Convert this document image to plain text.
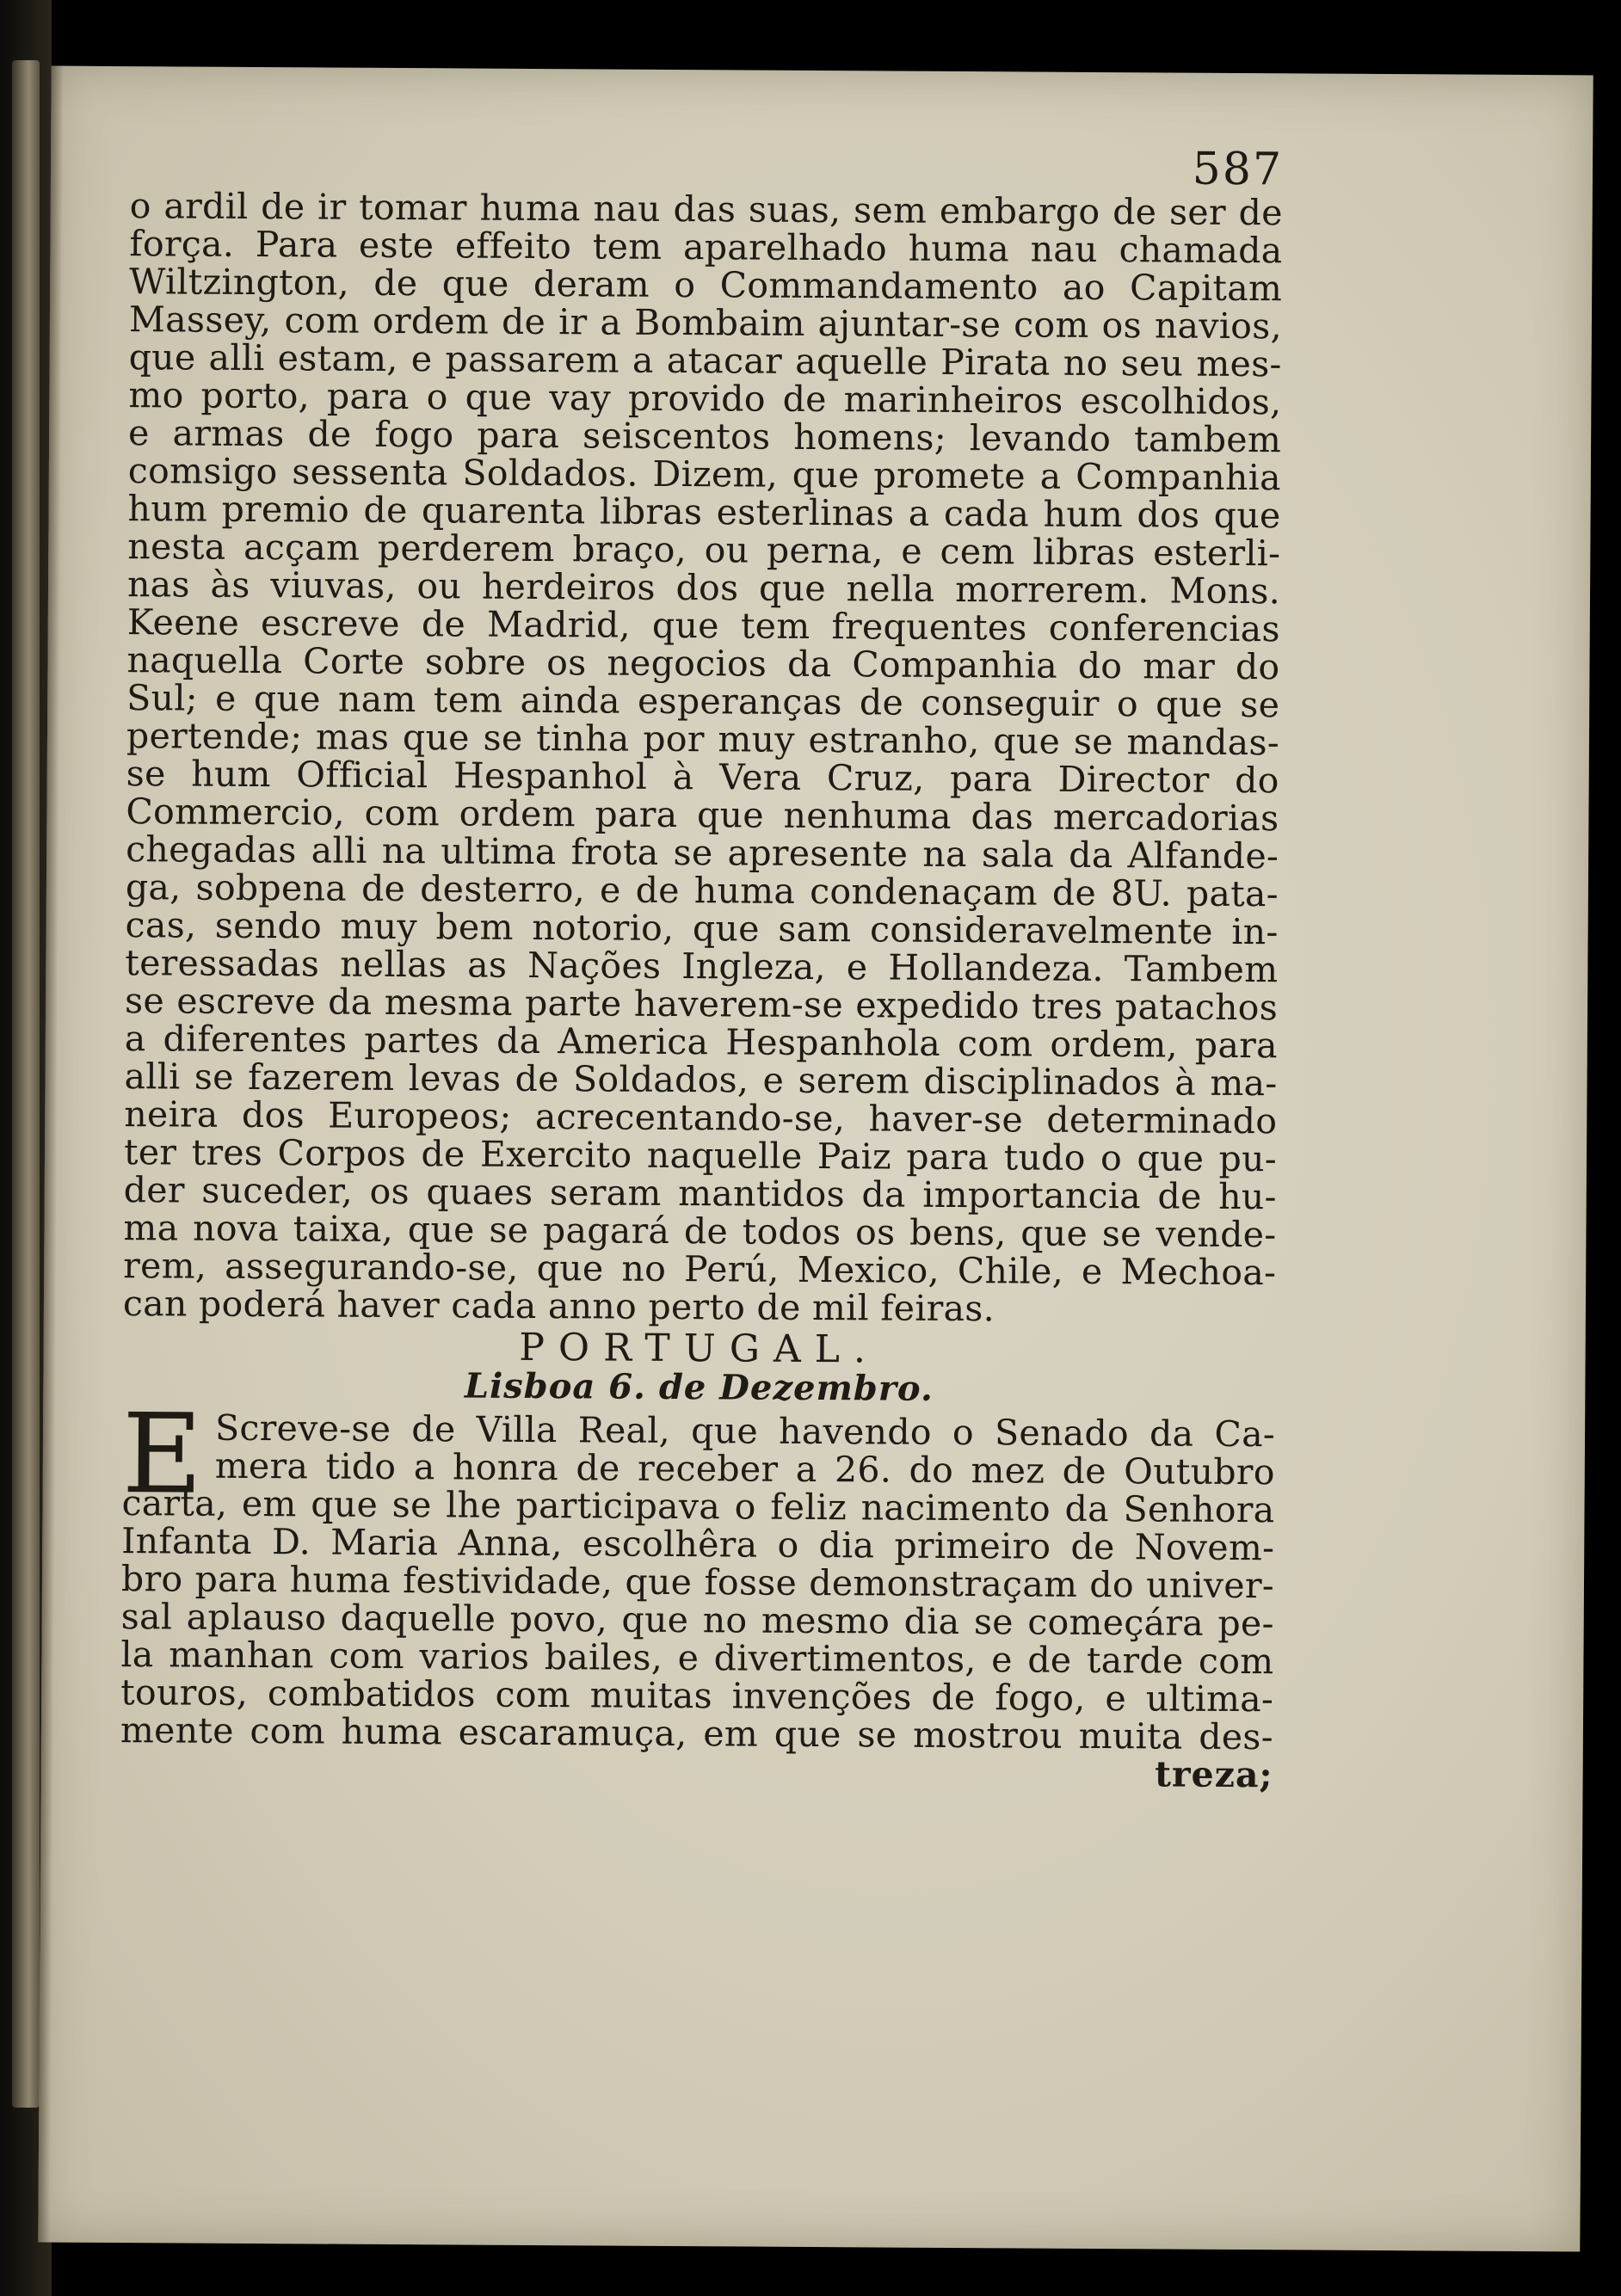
587
o ardil de ir tomar huma nau das suas, sem embargo de ser de
força. Para este effeito tem aparelhado huma nau chamada
Wiltzington, de que deram o Commandamento ao Capitam
Massey, com ordem de ir a Bombaim ajuntar-se com os navios,
que alli estam, e passarem a atacar aquelle Pirata no seu mes-
mo porto, para o que vay provido de marinheiros escolhidos,
e armas de fogo para seiscentos homens; levando tambem
comsigo sessenta Soldados. Dizem, que promete a Companhia
hum premio de quarenta libras esterlinas a cada hum dos que
nesta acçam perderem braço, ou perna, e cem libras esterli-
nas às viuvas, ou herdeiros dos que nella morrerem. Mons.
Keene escreve de Madrid, que tem frequentes conferencias
naquella Corte sobre os negocios da Companhia do mar do
Sul; e que nam tem ainda esperanças de conseguir o que se
pertende; mas que se tinha por muy estranho, que se mandas-
se hum Official Hespanhol à Vera Cruz, para Director do
Commercio, com ordem para que nenhuma das mercadorias
chegadas alli na ultima frota se apresente na sala da Alfande-
ga, sobpena de desterro, e de huma condenaçam de 8U. pata-
cas, sendo muy bem notorio, que sam consideravelmente in-
teressadas nellas as Nações Ingleza, e Hollandeza. Tambem
se escreve da mesma parte haverem-se expedido tres patachos
a diferentes partes da America Hespanhola com ordem, para
alli se fazerem levas de Soldados, e serem disciplinados à ma-
neira dos Europeos; acrecentando-se, haver-se determinado
ter tres Corpos de Exercito naquelle Paiz para tudo o que pu-
der suceder, os quaes seram mantidos da importancia de hu-
ma nova taixa, que se pagará de todos os bens, que se vende-
rem, assegurando-se, que no Perú, Mexico, Chile, e Mechoa-
can poderá haver cada anno perto de mil feiras.
PORTUGAL.
Lisboa 6. de Dezembro.
E Screve-se de Villa Real, que havendo o Senado da Ca-
mera tido a honra de receber a 26. do mez de Outubro
carta, em que se lhe participava o feliz nacimento da Senhora
Infanta D. Maria Anna, escolhêra o dia primeiro de Novem-
bro para huma festividade, que fosse demonstraçam do univer-
sal aplauso daquelle povo, que no mesmo dia se começára pe-
la manhan com varios bailes, e divertimentos, e de tarde com
touros, combatidos com muitas invenções de fogo, e ultima-
mente com huma escaramuça, em que se mostrou muita des-
treza;
